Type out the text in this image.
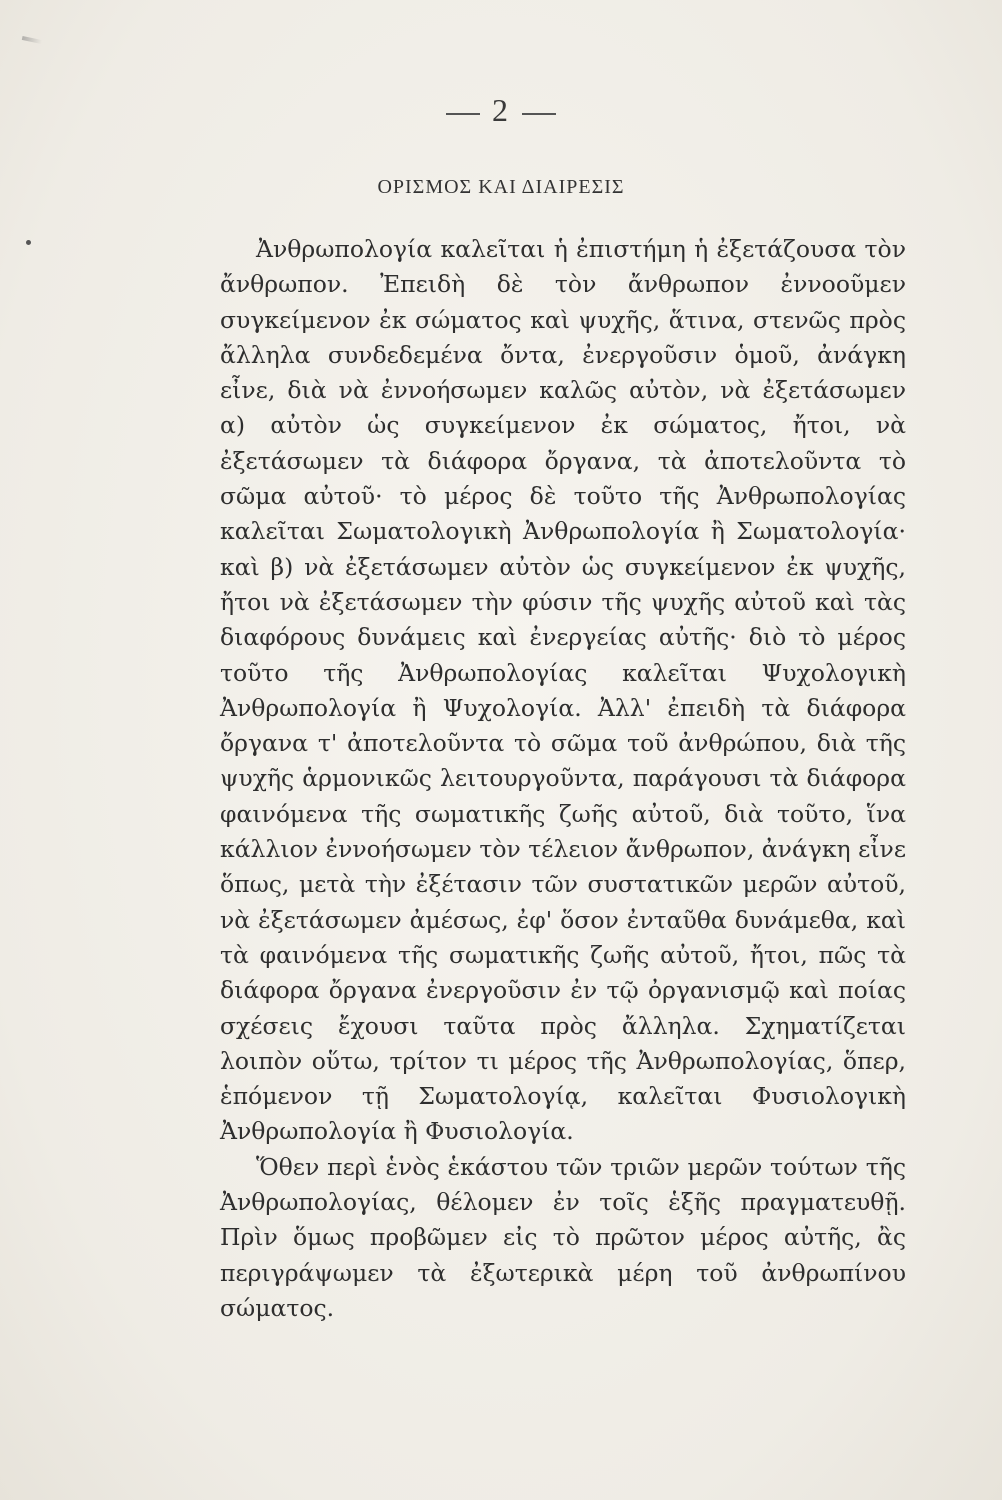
2
ΟΡΙΣΜΟΣ ΚΑΙ ΔΙΑΙΡΕΣΙΣ

Ἀνθρωπολογία καλεῖται ἡ ἐπιστήμη ἡ ἐξετάζουσα τὸν ἄνθρωπον. Ἐπειδὴ δὲ τὸν ἄνθρωπον ἐννοοῦμεν συγκείμενον ἐκ σώματος καὶ ψυχῆς, ἅτινα, στενῶς πρὸς ἄλληλα συνδεδεμένα ὄντα, ἐνεργοῦσιν ὁμοῦ, ἀνάγκη εἶνε, διὰ νὰ ἐννοήσωμεν καλῶς αὐτὸν, νὰ ἐξετάσωμεν α) αὐτὸν ὡς συγκείμενον ἐκ σώματος, ἤτοι, νὰ ἐξετάσωμεν τὰ διάφορα ὄργανα, τὰ ἀποτελοῦντα τὸ σῶμα αὐτοῦ· τὸ μέρος δὲ τοῦτο τῆς Ἀνθρωπολογίας καλεῖται Σωματολογικὴ Ἀνθρωπολογία ἢ Σωματολογία· καὶ β) νὰ ἐξετάσωμεν αὐτὸν ὡς συγκείμενον ἐκ ψυχῆς, ἤτοι νὰ ἐξετάσωμεν τὴν φύσιν τῆς ψυχῆς αὐτοῦ καὶ τὰς διαφόρους δυνάμεις καὶ ἐνεργείας αὐτῆς· διὸ τὸ μέρος τοῦτο τῆς Ἀνθρωπολογίας καλεῖται Ψυχολογικὴ Ἀνθρωπολογία ἢ Ψυχολογία. Ἀλλ' ἐπειδὴ τὰ διάφορα ὄργανα τ' ἀποτελοῦντα τὸ σῶμα τοῦ ἀνθρώπου, διὰ τῆς ψυχῆς ἁρμονικῶς λειτουργοῦντα, παράγουσι τὰ διάφορα φαινόμενα τῆς σωματικῆς ζωῆς αὐτοῦ, διὰ τοῦτο, ἵνα κάλλιον ἐννοήσωμεν τὸν τέλειον ἄνθρωπον, ἀνάγκη εἶνε ὅπως, μετὰ τὴν ἐξέτασιν τῶν συστατικῶν μερῶν αὐτοῦ, νὰ ἐξετάσωμεν ἀμέσως, ἐφ' ὅσον ἐνταῦθα δυνάμεθα, καὶ τὰ φαινόμενα τῆς σωματικῆς ζωῆς αὐτοῦ, ἤτοι, πῶς τὰ διάφορα ὄργανα ἐνεργοῦσιν ἐν τῷ ὀργανισμῷ καὶ ποίας σχέσεις ἔχουσι ταῦτα πρὸς ἄλληλα. Σχηματίζεται λοιπὸν οὕτω, τρίτον τι μέρος τῆς Ἀνθρωπολογίας, ὅπερ, ἑπόμενον τῇ Σωματολογίᾳ, καλεῖται Φυσιολογικὴ Ἀνθρωπολογία ἢ Φυσιολογία.

Ὅθεν περὶ ἑνὸς ἑκάστου τῶν τριῶν μερῶν τούτων τῆς Ἀνθρωπολογίας, θέλομεν ἐν τοῖς ἑξῆς πραγματευθῇ. Πρὶν ὅμως προβῶμεν εἰς τὸ πρῶτον μέρος αὐτῆς, ἂς περιγράψωμεν τὰ ἐξωτερικὰ μέρη τοῦ ἀνθρωπίνου σώματος.
